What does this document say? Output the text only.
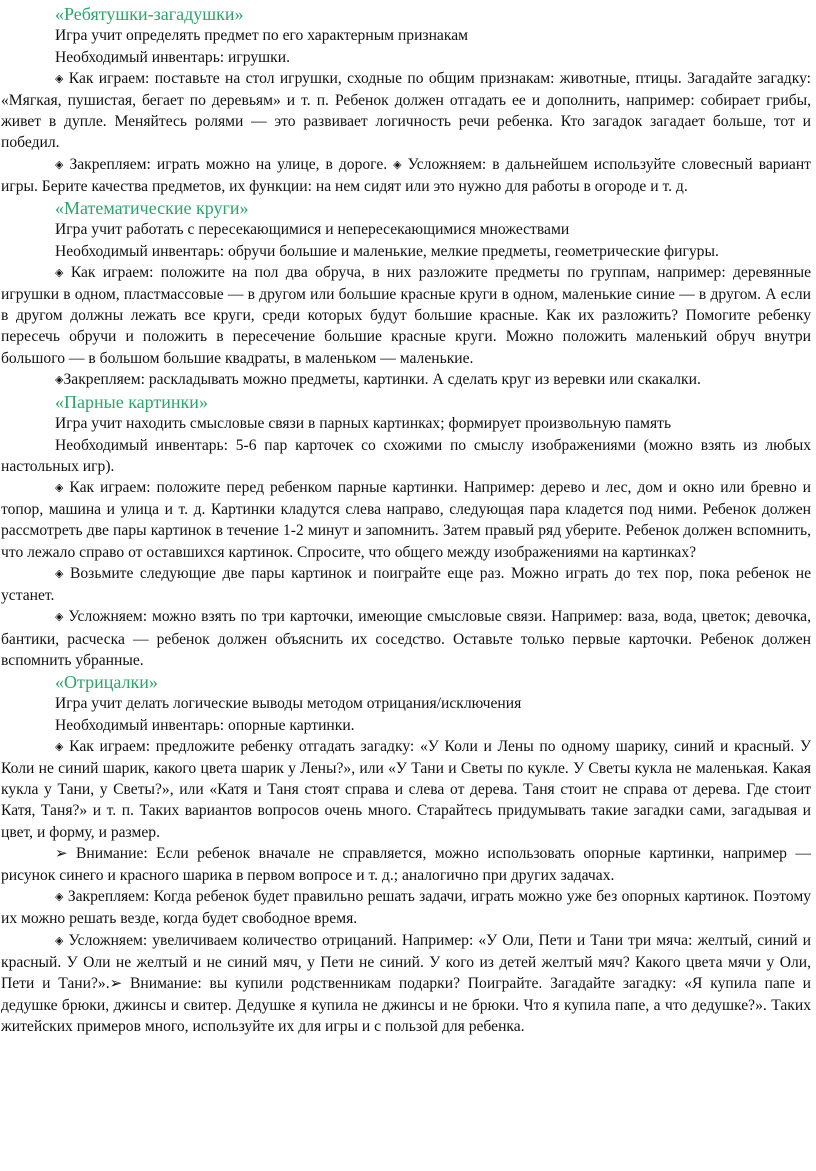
«Ребятушки-загадушки»

Игра учит определять предмет по его характерным признакам

Необходимый инвентарь: игрушки.

◈ Как играем: поставьте на стол игрушки, сходные по общим признакам: животные, птицы. Загадайте загадку: «Мягкая, пушистая, бегает по деревьям» и т. п. Ребенок должен отгадать ее и дополнить, например: собирает грибы, живет в дупле. Меняйтесь ролями — это развивает логичность речи ребенка. Кто загадок загадает больше, тот и победил.

◈ Закрепляем: играть можно на улице, в дороге. ◈ Усложняем: в дальнейшем используйте словесный вариант игры. Берите качества предметов, их функции: на нем сидят или это нужно для работы в огороде и т. д.

«Математические круги»

Игра учит работать с пересекающимися и непересекающимися множествами

Необходимый инвентарь: обручи большие и маленькие, мелкие предметы, геометрические фигуры.

◈ Как играем: положите на пол два обруча, в них разложите предметы по группам, например: деревянные игрушки в одном, пластмассовые — в другом или большие красные круги в одном, маленькие синие — в другом. А если в другом должны лежать все круги, среди которых будут большие красные. Как их разложить? Помогите ребенку пересечь обручи и положить в пересечение большие красные круги. Можно положить маленький обруч внутри большого — в большом большие квадраты, в маленьком — маленькие.

◈Закрепляем: раскладывать можно предметы, картинки. А сделать круг из веревки или скакалки.

«Парные картинки»

Игра учит находить смысловые связи в парных картинках; формирует произвольную память

Необходимый инвентарь: 5-6 пар карточек со схожими по смыслу изображениями (можно взять из любых настольных игр).

◈ Как играем: положите перед ребенком парные картинки. Например: дерево и лес, дом и окно или бревно и топор, машина и улица и т. д. Картинки кладутся слева направо, следующая пара кладется под ними. Ребенок должен рассмотреть две пары картинок в течение 1-2 минут и запомнить. Затем правый ряд уберите. Ребенок должен вспомнить, что лежало справо от оставшихся картинок. Спросите, что общего между изображениями на картинках?

◈ Возьмите следующие две пары картинок и поиграйте еще раз. Можно играть до тех пор, пока ребенок не устанет.

◈ Усложняем: можно взять по три карточки, имеющие смысловые связи. Например: ваза, вода, цветок; девочка, бантики, расческа — ребенок должен объяснить их соседство. Оставьте только первые карточки. Ребенок должен вспомнить убранные.

«Отрицалки»

Игра учит делать логические выводы методом отрицания/исключения

Необходимый инвентарь: опорные картинки.

◈ Как играем: предложите ребенку отгадать загадку: «У Коли и Лены по одному шарику, синий и красный. У Коли не синий шарик, какого цвета шарик у Лены?», или «У Тани и Светы по кукле. У Светы кукла не маленькая. Какая кукла у Тани, у Светы?», или «Катя и Таня стоят справа и слева от дерева. Таня стоит не справа от дерева. Где стоит Катя, Таня?» и т. п. Таких вариантов вопросов очень много. Старайтесь придумывать такие загадки сами, загадывая и цвет, и форму, и размер.

➢ Внимание: Если ребенок вначале не справляется, можно использовать опорные картинки, например — рисунок синего и красного шарика в первом вопросе и т. д.; аналогично при других задачах.

◈ Закрепляем: Когда ребенок будет правильно решать задачи, играть можно уже без опорных картинок. Поэтому их можно решать везде, когда будет свободное время.

◈ Усложняем: увеличиваем количество отрицаний. Например: «У Оли, Пети и Тани три мяча: желтый, синий и красный. У Оли не желтый и не синий мяч, у Пети не синий. У кого из детей желтый мяч? Какого цвета мячи у Оли, Пети и Тани?».➢ Внимание: вы купили родственникам подарки? Поиграйте. Загадайте загадку: «Я купила папе и дедушке брюки, джинсы и свитер. Дедушке я купила не джинсы и не брюки. Что я купила папе, а что дедушке?». Таких житейских примеров много, используйте их для игры и с пользой для ребенка.
